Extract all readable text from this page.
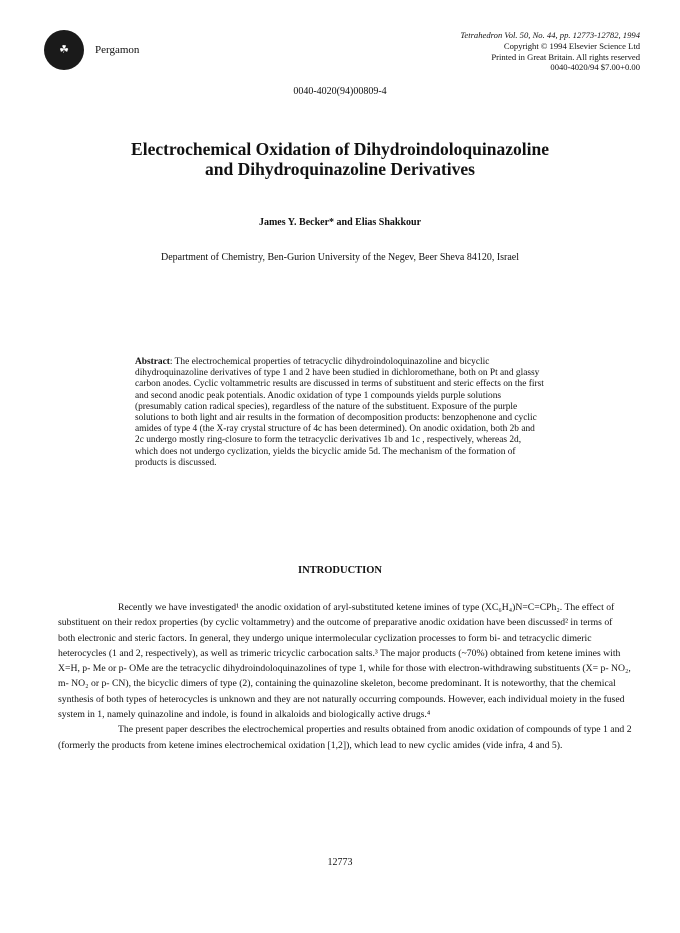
☘	Pergamon
Tetrahedron Vol. 50, No. 44, pp. 12773-12782, 1994
Copyright © 1994 Elsevier Science Ltd
Printed in Great Britain. All rights reserved
0040-4020/94 $7.00+0.00
0040-4020(94)00809-4
Electrochemical Oxidation of Dihydroindoloquinazoline
and Dihydroquinazoline Derivatives
James Y. Becker* and Elias Shakkour
Department of Chemistry, Ben-Gurion University of the Negev, Beer Sheva 84120, Israel
Abstract: The electrochemical properties of tetracyclic dihydroindoloquinazoline and bicyclic dihydroquinazoline derivatives of type 1 and 2 have been studied in dichloromethane, both on Pt and glassy carbon anodes. Cyclic voltammetric results are discussed in terms of substituent and steric effects on the first and second anodic peak potentials. Anodic oxidation of type 1 compounds yields purple solutions (presumably cation radical species), regardless of the nature of the substituent. Exposure of the purple solutions to both light and air results in the formation of decomposition products: benzophenone and cyclic amides of type 4 (the X-ray crystal structure of 4c has been determined). On anodic oxidation, both 2b and 2c undergo mostly ring-closure to form the tetracyclic derivatives 1b and 1c , respectively, whereas 2d, which does not undergo cyclization, yields the bicyclic amide 5d. The mechanism of the formation of products is discussed.
INTRODUCTION

Recently we have investigated¹ the anodic oxidation of aryl-substituted ketene imines of type (XC₆H₄)N=C=CPh₂. The effect of substituent on their redox properties (by cyclic voltammetry) and the outcome of preparative anodic oxidation have been discussed² in terms of both electronic and steric factors. In general, they undergo unique intermolecular cyclization processes to form bi- and tetracyclic dimeric heterocycles (1 and 2, respectively), as well as trimeric tricyclic carbocation salts.³ The major products (~70%) obtained from ketene imines with X=H, p- Me or p- OMe are the tetracyclic dihydroindoloquinazolines of type 1, while for those with electron-withdrawing substituents (X= p- NO₂, m- NO₂ or p- CN), the bicyclic dimers of type (2), containing the quinazoline skeleton, become predominant. It is noteworthy, that the chemical synthesis of both types of heterocycles is unknown and they are not naturally occurring compounds. However, each individual moiety in the fused system in 1, namely quinazoline and indole, is found in alkaloids and biologically active drugs.⁴

The present paper describes the electrochemical properties and results obtained from anodic oxidation of compounds of type 1 and 2 (formerly the products from ketene imines electrochemical oxidation [1,2]), which lead to new cyclic amides (vide infra, 4 and 5).

12773
